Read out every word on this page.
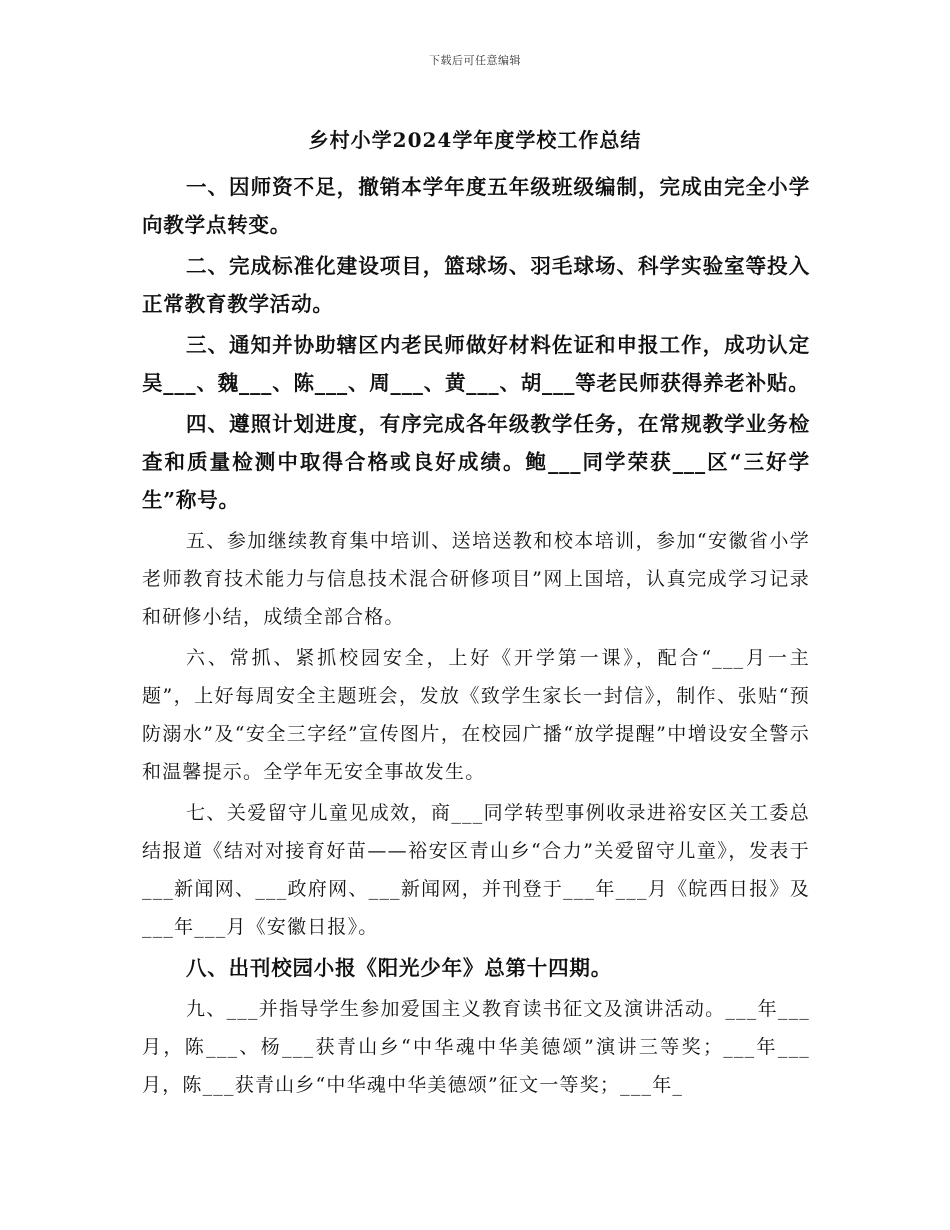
下载后可任意编辑
乡村小学2024学年度学校工作总结

一、因师资不足，撤销本学年度五年级班级编制，完成由完全小学向教学点转变。

二、完成标准化建设项目，篮球场、羽毛球场、科学实验室等投入正常教育教学活动。

三、通知并协助辖区内老民师做好材料佐证和申报工作，成功认定吴___、魏___、陈___、周___、黄___、胡___等老民师获得养老补贴。

四、遵照计划进度，有序完成各年级教学任务，在常规教学业务检查和质量检测中取得合格或良好成绩。鲍___同学荣获___区“三好学生”称号。

五、参加继续教育集中培训、送培送教和校本培训，参加“安徽省小学老师教育技术能力与信息技术混合研修项目”网上国培，认真完成学习记录和研修小结，成绩全部合格。

六、常抓、紧抓校园安全，上好《开学第一课》，配合“___月一主题”，上好每周安全主题班会，发放《致学生家长一封信》，制作、张贴“预防溺水”及“安全三字经”宣传图片，在校园广播“放学提醒”中增设安全警示和温馨提示。全学年无安全事故发生。

七、关爱留守儿童见成效，商___同学转型事例收录进裕安区关工委总结报道《结对对接育好苗——裕安区青山乡“合力”关爱留守儿童》，发表于___新闻网、___政府网、___新闻网，并刊登于___年___月《皖西日报》及___年___月《安徽日报》。

八、出刊校园小报《阳光少年》总第十四期。

九、___并指导学生参加爱国主义教育读书征文及演讲活动。___年___月，陈___、杨___获青山乡“中华魂中华美德颂”演讲三等奖；___年___月，陈___获青山乡“中华魂中华美德颂”征文一等奖；___年_
